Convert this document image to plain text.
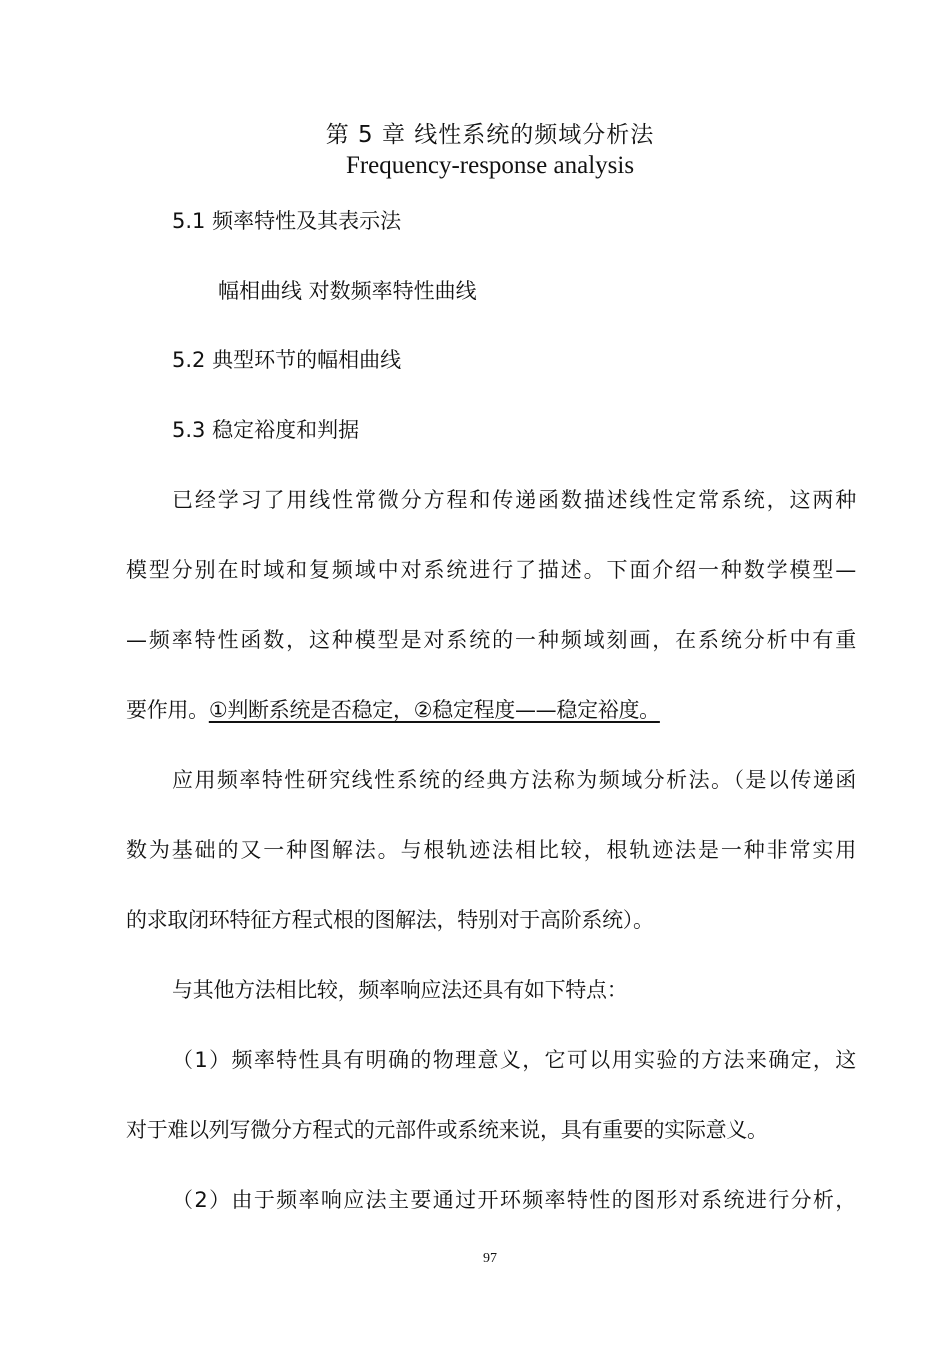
第 5 章 线性系统的频域分析法
Frequency-response analysis
5.1 频率特性及其表示法
幅相曲线 对数频率特性曲线
5.2 典型环节的幅相曲线
5.3 稳定裕度和判据
已经学习了用线性常微分方程和传递函数描述线性定常系统，这两种
模型分别在时域和复频域中对系统进行了描述。下面介绍一种数学模型—
—频率特性函数，这种模型是对系统的一种频域刻画，在系统分析中有重
要作用。①判断系统是否稳定，②稳定程度——稳定裕度。
应用频率特性研究线性系统的经典方法称为频域分析法。（是以传递函
数为基础的又一种图解法。与根轨迹法相比较，根轨迹法是一种非常实用
的求取闭环特征方程式根的图解法，特别对于高阶系统）。
与其他方法相比较，频率响应法还具有如下特点：
（1）频率特性具有明确的物理意义，它可以用实验的方法来确定，这
对于难以列写微分方程式的元部件或系统来说，具有重要的实际意义。
（2）由于频率响应法主要通过开环频率特性的图形对系统进行分析，
97
